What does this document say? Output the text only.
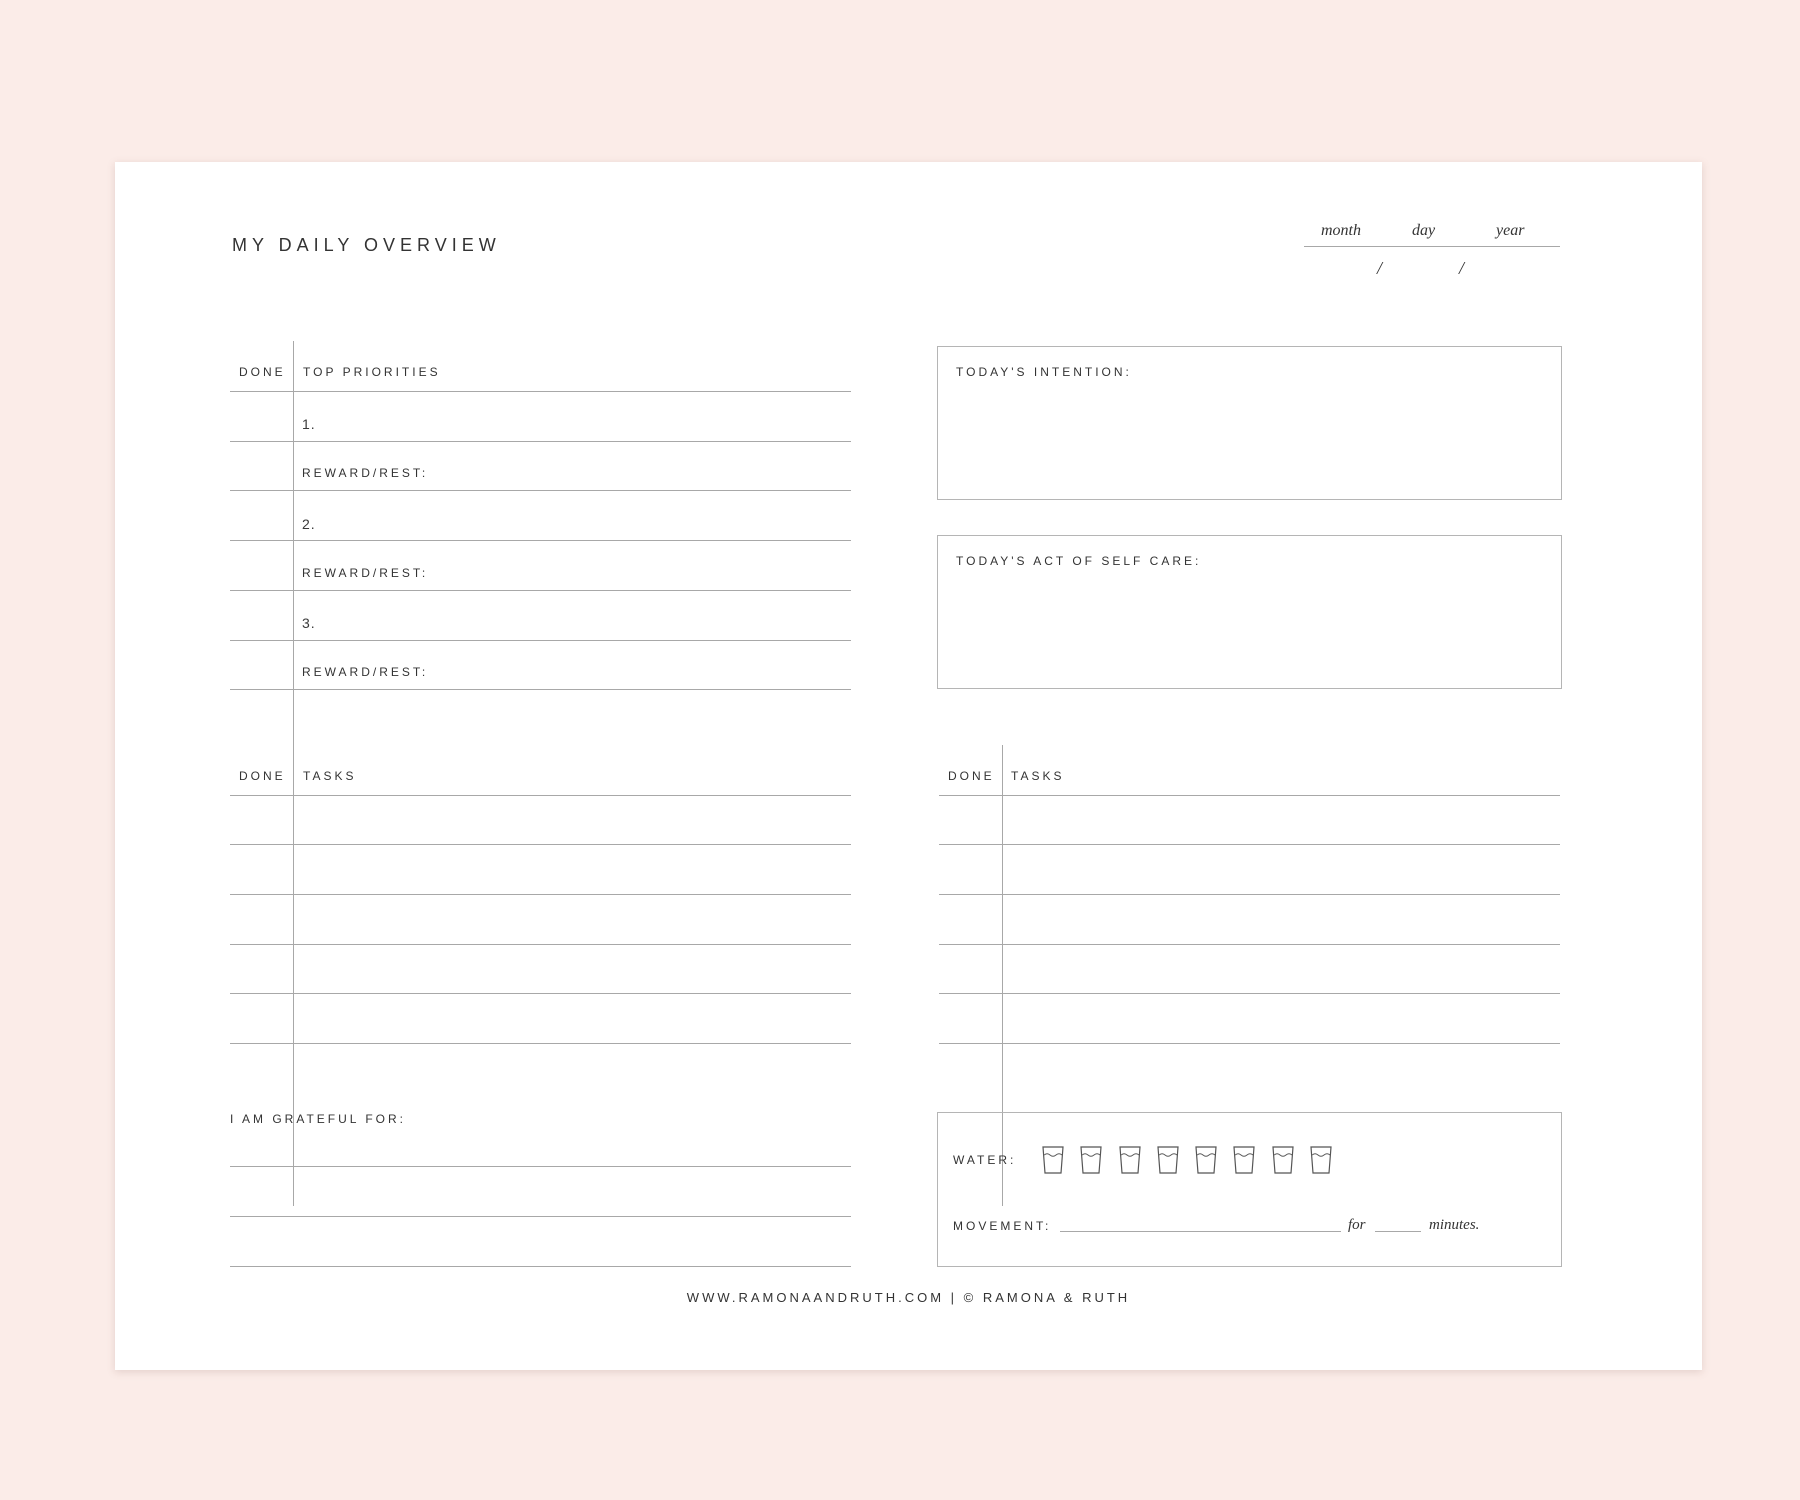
MY DAILY OVERVIEW
month	day	year
/	/
DONE TOP PRIORITIES
1.
REWARD/REST:
2.
REWARD/REST:
3.
REWARD/REST:
TODAY'S INTENTION:
TODAY'S ACT OF SELF CARE:
DONE TASKS	DONE TASKS
I AM GRATEFUL FOR:
WATER:
MOVEMENT:	for	minutes.
WWW.RAMONAANDRUTH.COM | © RAMONA & RUTH
